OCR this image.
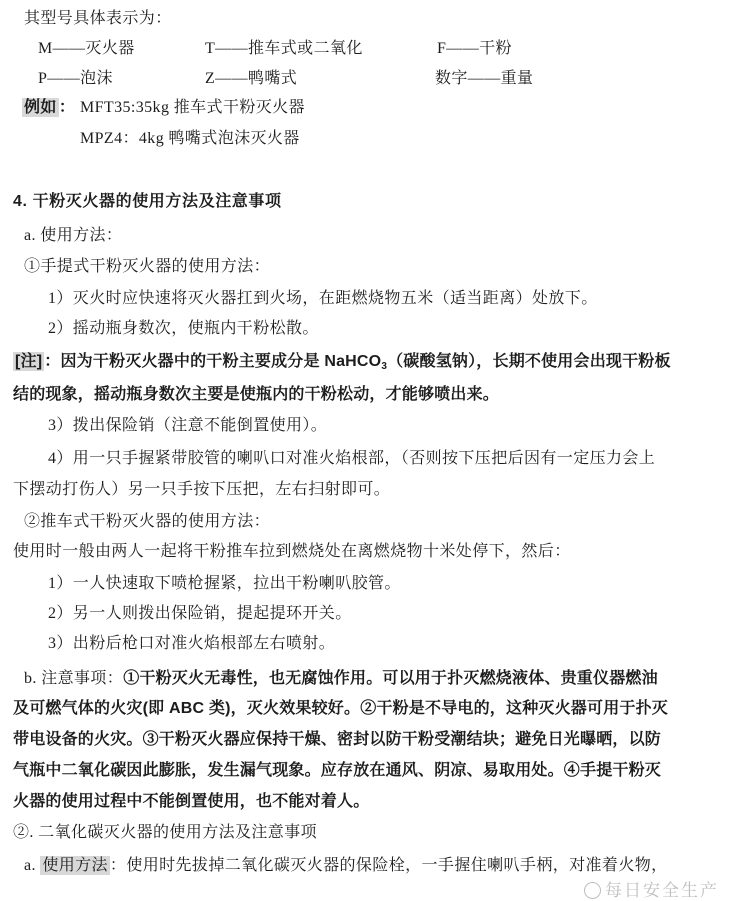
其型号具体表示为：
M——灭火器	T——推车式或二氧化	F——干粉
P——泡沫	Z——鸭嘴式	数字——重量
例如 ： MFT35:35kg 推车式干粉灭火器
MPZ4：4kg 鸭嘴式泡沫灭火器
4. 干粉灭火器的使用方法及注意事项
a. 使用方法：
①手提式干粉灭火器的使用方法：
1）灭火时应快速将灭火器扛到火场，在距燃烧物五米（适当距离）处放下。
2）摇动瓶身数次，使瓶内干粉松散。
[注] ：因为干粉灭火器中的干粉主要成分是 NaHCO$_3$（碳酸氢钠），长期不使用会出现干粉板
结的现象，摇动瓶身数次主要是使瓶内的干粉松动，才能够喷出来。
3）拨出保险销（注意不能倒置使用）。
4）用一只手握紧带胶管的喇叭口对准火焰根部，（否则按下压把后因有一定压力会上
下摆动打伤人）另一只手按下压把，左右扫射即可。
②推车式干粉灭火器的使用方法：
使用时一般由两人一起将干粉推车拉到燃烧处在离燃烧物十米处停下，然后：
1）一人快速取下喷枪握紧，拉出干粉喇叭胶管。
2）另一人则拨出保险销，提起提环开关。
3）出粉后枪口对准火焰根部左右喷射。
b. 注意事项：①干粉灭火无毒性，也无腐蚀作用。可以用于扑灭燃烧液体、贵重仪器燃油
及可燃气体的火灾(即 ABC 类)，灭火效果较好。②干粉是不导电的，这种灭火器可用于扑灭
带电设备的火灾。③干粉灭火器应保持干燥、密封以防干粉受潮结块；避免日光曝晒，以防
气瓶中二氧化碳因此膨胀，发生漏气现象。应存放在通风、阴凉、易取用处。④手提干粉灭
火器的使用过程中不能倒置使用，也不能对着人。
②. 二氧化碳灭火器的使用方法及注意事项
a. 使用方法 ：使用时先拔掉二氧化碳灭火器的保险栓，一手握住喇叭手柄，对准着火物，
每日安全生产
